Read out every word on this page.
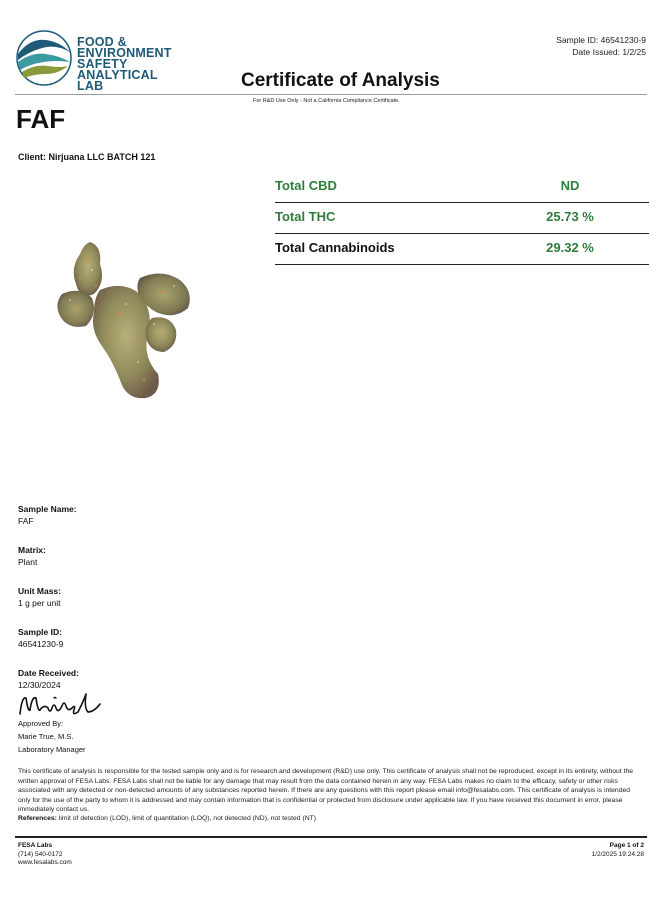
FOOD &
ENVIRONMENT
SAFETY
ANALYTICAL LAB
Sample ID: 46541230-9
Date Issued: 1/2/25
Certificate of Analysis
For R&D Use Only - Not a California Compliance Certificate.
FAF
Client: Nirjuana LLC BATCH 121
Total CBD	ND
Total THC	25.73 %
Total Cannabinoids	29.32 %
Sample Name:
FAF
Matrix:
Plant
Unit Mass:
1 g per unit
Sample ID:
46541230-9
Date Received:
12/30/2024
Approved By:
Marie True, M.S.
Laboratory Manager
This certificate of analysis is responsible for the tested sample only and is for research and development (R&D) use only. This certificate of analysis shall not be reproduced, except in its entirety, without the written approval of FESA Labs. FESA Labs shall not be liable for any damage that may result from the data contained herein in any way. FESA Labs makes no claim to the efficacy, safety or other risks associated with any detected or non-detected amounts of any substances reported herein. If there are any questions with this report please email info@fesalabs.com. This certificate of analysis is intended only for the use of the party to whom it is addressed and may contain information that is confidential or protected from disclosure under applicable law. If you have received this document in error, please immediately contact us.
References: limit of detection (LOD), limit of quantitation (LOQ), not detected (ND), not tested (NT)
FESA Labs
(714) 540-0172
www.fesalabs.com
Page 1 of 2
1/2/2025 19:24:28
